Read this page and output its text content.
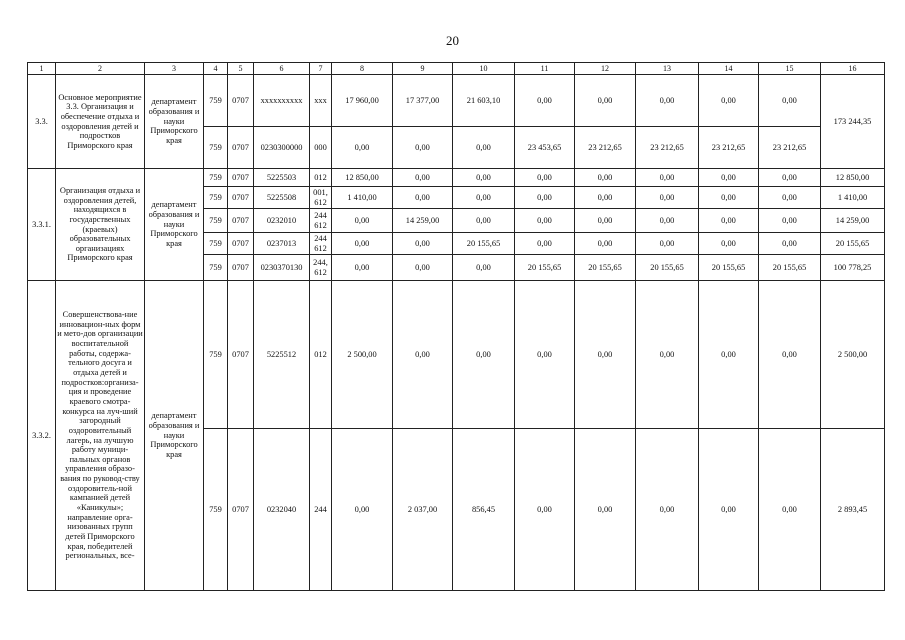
20
1	2	3	4	5	6	7	8	9	10	11	12	13	14	15	16
3.3.	Основное мероприятие 3.3. Организация и обеспечение отдыха и оздоровления детей и подростков Приморского края	департамент образования и науки Приморского края	759	0707	xxxxxxxxxx	xxx	17 960,00	17 377,00	21 603,10	0,00	0,00	0,00	0,00	0,00	173 244,35
			759	0707	0230300000	000	0,00	0,00	0,00	23 453,65	23 212,65	23 212,65	23 212,65	23 212,65	
3.3.1.	Организация отдыха и оздоровления детей, находящихся в государственных (краевых) образовательных организациях Приморского края	департамент образования и науки Приморского края	759	0707	5225503	012	12 850,00	0,00	0,00	0,00	0,00	0,00	0,00	0,00	12 850,00
			759	0707	5225508	001, 612	1 410,00	0,00	0,00	0,00	0,00	0,00	0,00	0,00	1 410,00
			759	0707	0232010	244 612	0,00	14 259,00	0,00	0,00	0,00	0,00	0,00	0,00	14 259,00
			759	0707	0237013	244 612	0,00	0,00	20 155,65	0,00	0,00	0,00	0,00	0,00	20 155,65
			759	0707	0230370130	244, 612	0,00	0,00	0,00	20 155,65	20 155,65	20 155,65	20 155,65	20 155,65	100 778,25
3.3.2.	Совершенствова-ние инновацион-ных форм и мето-дов организации воспитательной работы, содержа-тельного досуга и отдыха детей и подростков:организа-ция и проведение краевого смотра-конкурса на луч-ший загородный оздоровительный лагерь, на лучшую работу муници-пальных органов управления образо-вания по руковод-ству оздоровитель-ной кампанией детей «Каникулы»; направление орга-низованных групп детей Приморского края, победителей региональных, все-	департамент образования и науки Приморского края	759	0707	5225512	012	2 500,00	0,00	0,00	0,00	0,00	0,00	0,00	0,00	2 500,00
			759	0707	0232040	244	0,00	2 037,00	856,45	0,00	0,00	0,00	0,00	0,00	2 893,45
